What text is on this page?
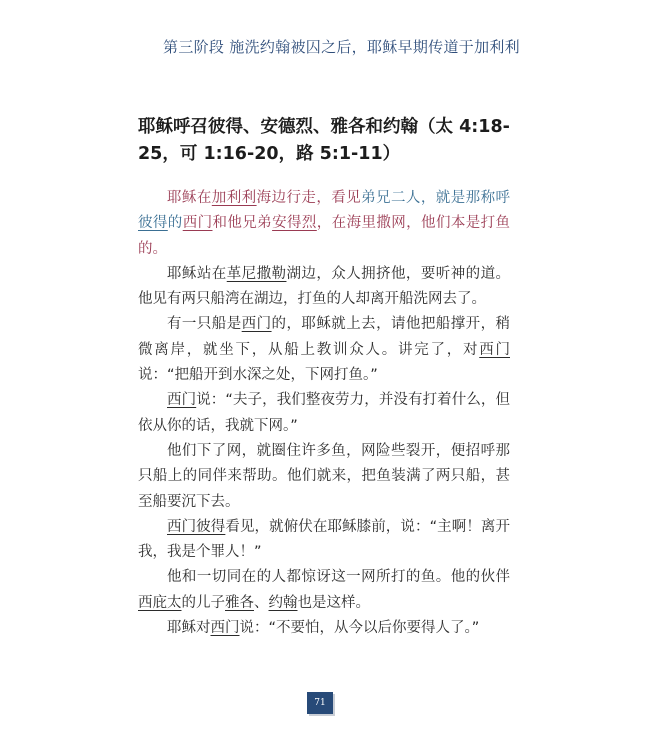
第三阶段 施洗约翰被囚之后，耶稣早期传道于加利利
耶稣呼召彼得、安德烈、雅各和约翰（太 4:18-25，可 1:16-20，路 5:1-11）

耶稣在加利利海边行走，看见弟兄二人，就是那称呼彼得的西门和他兄弟安得烈，在海里撒网，他们本是打鱼的。

耶稣站在革尼撒勒湖边，众人拥挤他，要听神的道。他见有两只船湾在湖边，打鱼的人却离开船洗网去了。

有一只船是西门的，耶稣就上去，请他把船撑开，稍微离岸，就坐下，从船上教训众人。讲完了，对西门说：“把船开到水深之处，下网打鱼。”

西门说：“夫子，我们整夜劳力，并没有打着什么，但依从你的话，我就下网。”

他们下了网，就圈住许多鱼，网险些裂开，便招呼那只船上的同伴来帮助。他们就来，把鱼装满了两只船，甚至船要沉下去。

西门彼得看见，就俯伏在耶稣膝前，说：“主啊！离开我，我是个罪人！”

他和一切同在的人都惊讶这一网所打的鱼。他的伙伴西庇太的儿子雅各、约翰也是这样。

耶稣对西门说：“不要怕，从今以后你要得人了。”

71
